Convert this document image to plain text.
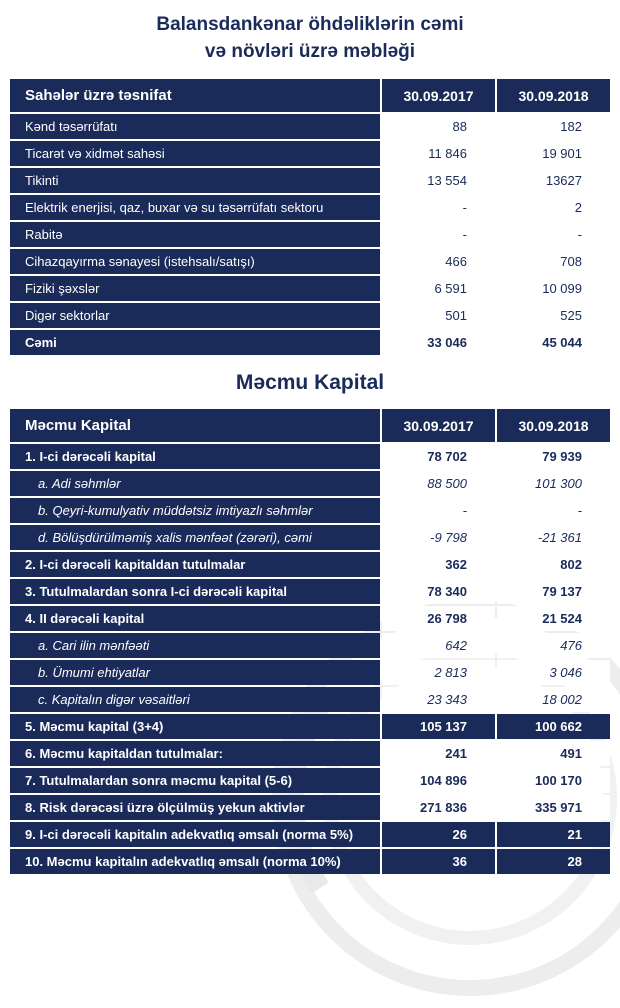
Balansdankənar öhdəliklərin cəmi
və növləri üzrə məbləği
Sahələr üzrə təsnifat	30.09.2017	30.09.2018
Kənd təsərrüfatı	88	182
Ticarət və xidmət sahəsi	11 846	19 901
Tikinti	13 554	13627
Elektrik enerjisi, qaz, buxar və su təsərrüfatı sektoru	-	2
Rabitə	-	-
Cihazqayırma sənayesi (istehsalı/satışı)	466	708
Fiziki şəxslər	6 591	10 099
Digər sektorlar	501	525
Cəmi	33 046	45 044
Məcmu Kapital
Məcmu Kapital	30.09.2017	30.09.2018
1. I-ci dərəcəli kapital	78 702	79 939
a. Adi səhmlər	88 500	101 300
b. Qeyri-kumulyativ müddətsiz imtiyazlı səhmlər	-	-
d. Bölüşdürülməmiş xalis mənfəət (zərəri), cəmi	-9 798	-21 361
2. I-ci dərəcəli kapitaldan tutulmalar	362	802
3. Tutulmalardan sonra I-ci dərəcəli kapital	78 340	79 137
4. II dərəcəli kapital	26 798	21 524
a. Cari ilin mənfəəti	642	476
b. Ümumi ehtiyatlar	2 813	3 046
c. Kapitalın digər vəsaitləri	23 343	18 002
5. Məcmu kapital (3+4)	105 137	100 662
6. Məcmu kapitaldan tutulmalar:	241	491
7. Tutulmalardan sonra məcmu kapital (5-6)	104 896	100 170
8. Risk dərəcəsi üzrə ölçülmüş yekun aktivlər	271 836	335 971
9. I-ci dərəcəli kapitalın adekvatlıq əmsalı (norma 5%)	26	21
10. Məcmu kapitalın adekvatlıq əmsalı (norma 10%)	36	28
